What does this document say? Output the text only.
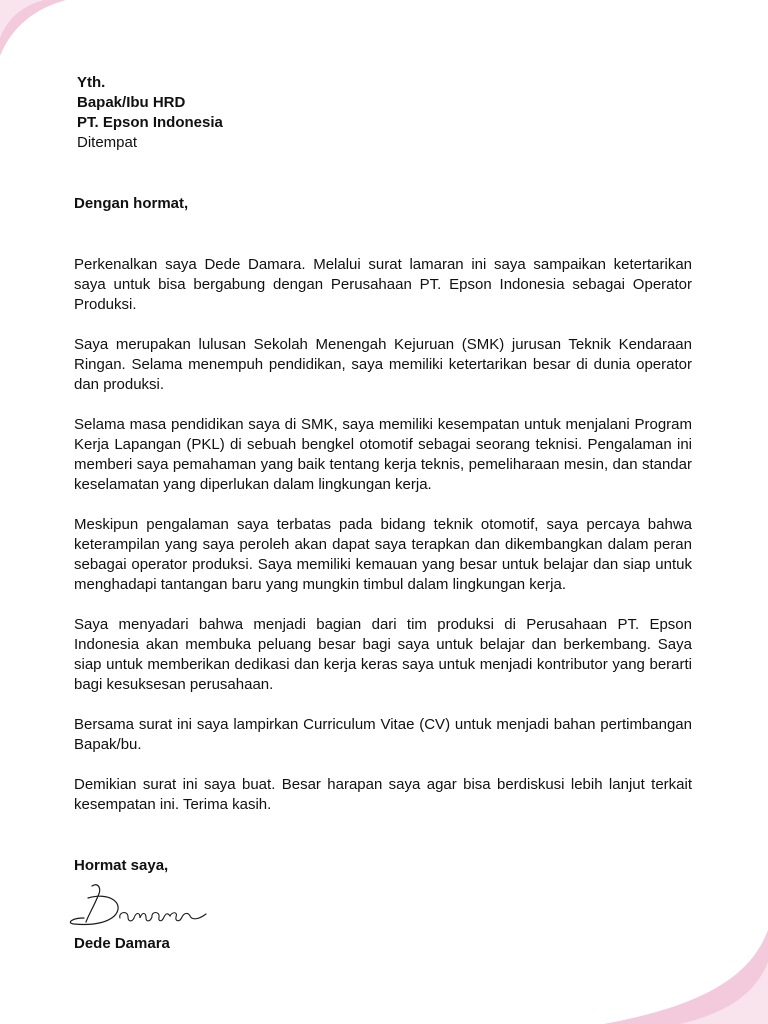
Yth.
Bapak/Ibu HRD
PT. Epson Indonesia
Ditempat
Dengan hormat,

Perkenalkan saya Dede Damara. Melalui surat lamaran ini saya sampaikan ketertarikan saya untuk bisa bergabung dengan Perusahaan PT. Epson Indonesia sebagai Operator Produksi.

Saya merupakan lulusan Sekolah Menengah Kejuruan (SMK) jurusan Teknik Kendaraan Ringan. Selama menempuh pendidikan, saya memiliki ketertarikan besar di dunia operator dan produksi.

Selama masa pendidikan saya di SMK, saya memiliki kesempatan untuk menjalani Program Kerja Lapangan (PKL) di sebuah bengkel otomotif sebagai seorang teknisi. Pengalaman ini memberi saya pemahaman yang baik tentang kerja teknis, pemeliharaan mesin, dan standar keselamatan yang diperlukan dalam lingkungan kerja.

Meskipun pengalaman saya terbatas pada bidang teknik otomotif, saya percaya bahwa keterampilan yang saya peroleh akan dapat saya terapkan dan dikembangkan dalam peran sebagai operator produksi. Saya memiliki kemauan yang besar untuk belajar dan siap untuk menghadapi tantangan baru yang mungkin timbul dalam lingkungan kerja.

Saya menyadari bahwa menjadi bagian dari tim produksi di Perusahaan PT. Epson Indonesia akan membuka peluang besar bagi saya untuk belajar dan berkembang. Saya siap untuk memberikan dedikasi dan kerja keras saya untuk menjadi kontributor yang berarti bagi kesuksesan perusahaan.

Bersama surat ini saya lampirkan Curriculum Vitae (CV) untuk menjadi bahan pertimbangan Bapak/bu.

Demikian surat ini saya buat. Besar harapan saya agar bisa berdiskusi lebih lanjut terkait kesempatan ini. Terima kasih.

Hormat saya,
Dede Damara
